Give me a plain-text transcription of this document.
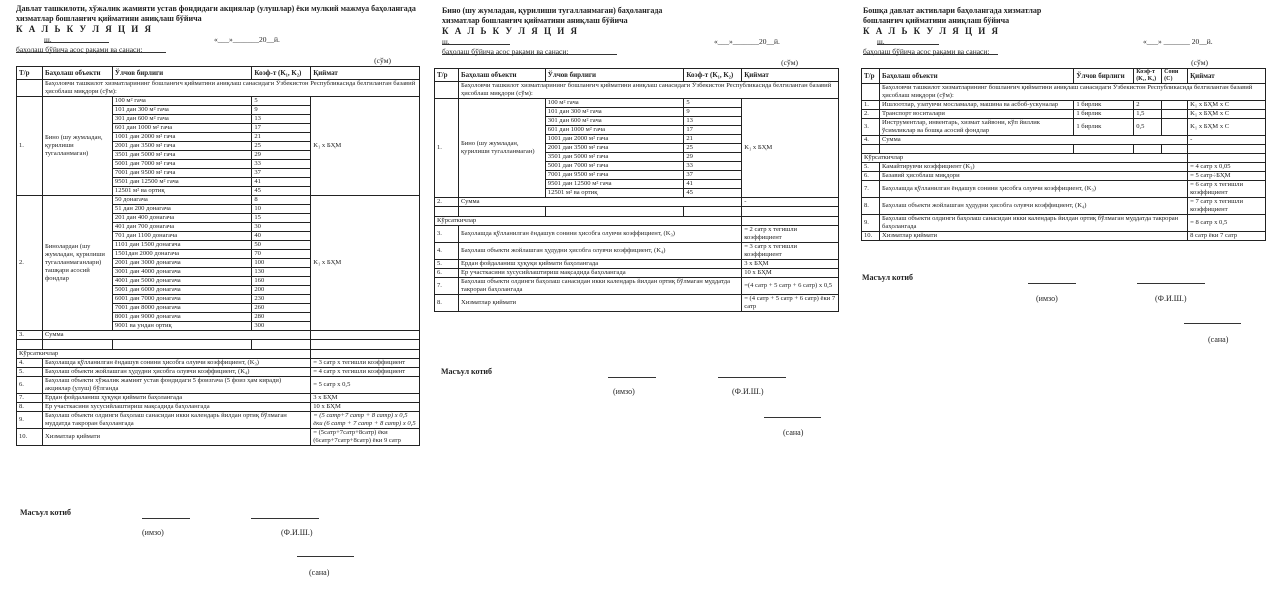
Давлат ташкилоти, хўжалик жамияти устав фондидаги акциялар (улушлар) ёки мулкий мажмуа баҳолангада
хизматлар бошланғич қийматини аниқлаш бўйича
К А Л Ь К У Л Я Ц И Я
ш.	«___»_______20__й.
баҳолаш бўйича асос рақами ва санаси:
(сўм)
Т/р	Баҳолаш объекти	Ўлчов бирлиги	Коэф-т (K₁, K₂)	Қиймат
	Баҳоловчи ташкилот хизматларининг бошланғич қийматини аниқлаш санасидаги Ўзбекистон Республикасида белгиланган базавий ҳисоблаш миқдори (сўм):			
1.	Бино (шу жумладан, қурилиши тугалланмаган)	100 м² гача	5	K₁ х БҲМ
		101 дан 300 м² гача	9	
		301 дан 600 м² гача	13	
		601 дан 1000 м² гача	17	
		1001 дан 2000 м² гача	21	
		2001 дан 3500 м² гача	25	
		3501 дан 5000 м² гача	29	
		5001 дан 7000 м² гача	33	
		7001 дан 9500 м² гача	37	
		9501 дан 12500 м² гача	41	
		12501 м² ва ортиқ	45	
2.	Бинолардан (шу жумладан, қурилиши тугалланмаганлари) ташқари асосий фондлар	50 донагача	8	K₁ х БҲМ
		51 дан 200 донагача	10	
		201 дан 400 донагача	15	
		401 дан 700 донагача	30	
		701 дан 1100 донагача	40	
		1101 дан 1500 донагача	50	
		1501дан 2000 донагача	70	
		2001 дан 3000 донагача	100	
		3001 дан 4000 донагача	130	
		4001 дан 5000 донагача	160	
		5001 дан 6000 донагача	200	
		6001 дан 7000 донагача	230	
		7001 дан 8000 донагача	260	
		8001 дан 9000 донагача	280	
		9001 ва ундан ортиқ	300	
3.	Сумма			

Кўрсаткичлар				
4.	Баҳолашда қўлланилган ёндашув сонини ҳисобга олувчи коэффициент, (K₃)			= 3 сатр х тегишли коэффициент
5.	Баҳолаш объекти жойлашган ҳудудни ҳисобга олувчи коэффициент, (K₄)			= 4 сатр х тегишли коэффициент
6.	Баҳолаш объекти хўжалик жамият устав фондидаги 5 фоизгача (5 фоиз ҳам киради) акциялар (улуш) бўлганда			= 5 сатр х 0,5
7.	Ердан фойдаланиш ҳуқуқи қиймати баҳолангада			3 х БҲМ
8.	Ер участкасини хусусийлаштириш мақсадида баҳолангада			10 х БҲМ
9.	Баҳолаш объекти олдинги баҳолаш санасидан икки календарь йилдан ортиқ бўлмаган муддатда такроран баҳолангада			= (5 сатр+7 сатр + 8 сатр) х 0,5 ёки (6 сатр + 7 сатр + 8 сатр) х 0,5
10.	Хизматлар қиймати			= (5сатр+7сатр+8сатр) ёки (6сатр+7сатр+8сатр) ёки 9 сатр
Масъул котиб
(имзо)	(Ф.И.Ш.)
(сана)
Бино (шу жумладан, қурилиши тугалланмаган) баҳолангада
хизматлар бошланғич қийматини аниқлаш бўйича
К А Л Ь К У Л Я Ц И Я
ш.	«___»_______20__й.
баҳолаш бўйича асос рақами ва санаси:
(сўм)
Т/р	Баҳолаш объекти	Ўлчов бирлиги	Коэф-т (K₁, K₂)	Қиймат
	Баҳоловчи ташкилот хизматларининг бошланғич қийматини аниқлаш санасидаги Ўзбекистон Республикасида белгиланган базавий ҳисоблаш миқдори (сўм):			
1.	Бино (шу жумладан, қурилиши тугалланмаган)	100 м² гача	5	K₁ х БҲМ
		101 дан 300 м² гача	9	
		301 дан 600 м² гача	13	
		601 дан 1000 м² гача	17	
		1001 дан 2000 м² гача	21	
		2001 дан 3500 м² гача	25	
		3501 дан 5000 м² гача	29	
		5001 дан 7000 м² гача	33	
		7001 дан 9500 м² гача	37	
		9501 дан 12500 м² гача	41	
		12501 м² ва ортиқ	45	
2.	Сумма			-

Кўрсаткичлар				
3.	Баҳолашда қўлланилган ёндашув сонини ҳисобга олувчи коэффициент, (K₃)			= 2 сатр х тегишли коэффициент
4.	Баҳолаш объекти жойлашган ҳудудни ҳисобга олувчи коэффициент, (K₄)			= 3 сатр х тегишли коэффициент
5.	Ердан фойдаланиш ҳуқуқи қиймати баҳолангада			3 х БҲМ
6.	Ер участкасини хусусийлаштириш мақсадида баҳолангада			10 х БҲМ
7.	Баҳолаш объекти олдинги баҳолаш санасидан икки календарь йилдан ортиқ бўлмаган муддатда такроран баҳолангада			=(4 сатр + 5 сатр + 6 сатр) х 0,5
8.	Хизматлар қиймати			= (4 сатр + 5 сатр + 6 сатр) ёки 7 сатр
Масъул котиб
(имзо)	(Ф.И.Ш.)
(сана)
Бошқа давлат активлари баҳолангада хизматлар
бошланғич қийматини аниқлаш бўйича
К А Л Ь К У Л Я Ц И Я
ш.	«___» _______ 20__й.
баҳолаш бўйича асос рақами ва санаси:
(сўм)
Т/р	Баҳолаш объекти	Ўлчов бирлиги	Коэф-т (K₁, K₂)	Сони (С)	Қиймат
	Баҳоловчи ташкилот хизматларининг бошланғич қийматини аниқлаш санасидаги Ўзбекистон Республикасида белгиланган базавий ҳисоблаш миқдори (сўм):				
1.	Ишлоотлар, узатувчи мосламалар, машина ва асбоб-ускуналар	1 бирлик	2		K₁ х БҲМ х С
2.	Транспорт воситалари	1 бирлик	1,5		K₁ х БҲМ х С
3.	Инструментлар, инвентарь, хизмат хайвони, кўп йиллик ўсимликлар ва бошқа асосий фондлар	1 бирлик	0,5		K₁ х БҲМ х С
4.	Сумма				-

Кўрсаткичлар					
5.	Камайтирувчи коэффициент (K₃)				= 4 сатр х 0,05
6.	Базавий ҳисоблаш миқдори				= 5 сатр÷БҲМ
7.	Баҳолашда қўлланилган ёндашув сонини ҳисобга олувчи коэффициент, (K₃)				= 6 сатр х тегишли коэффициент
8.	Баҳолаш объекти жойлашган ҳудудни ҳисобга олувчи коэффициент, (K₄)				= 7 сатр х тегишли коэффициент
9.	Баҳолаш объекти олдинги баҳолаш санасидан икки календарь йилдан ортиқ бўлмаган муддатда такроран баҳолангада				= 8 сатр х 0,5
10.	Хизматлар қиймати				8 сатр ёки 7 сатр
Масъул котиб
(имзо)	(Ф.И.Ш.)
(сана)
